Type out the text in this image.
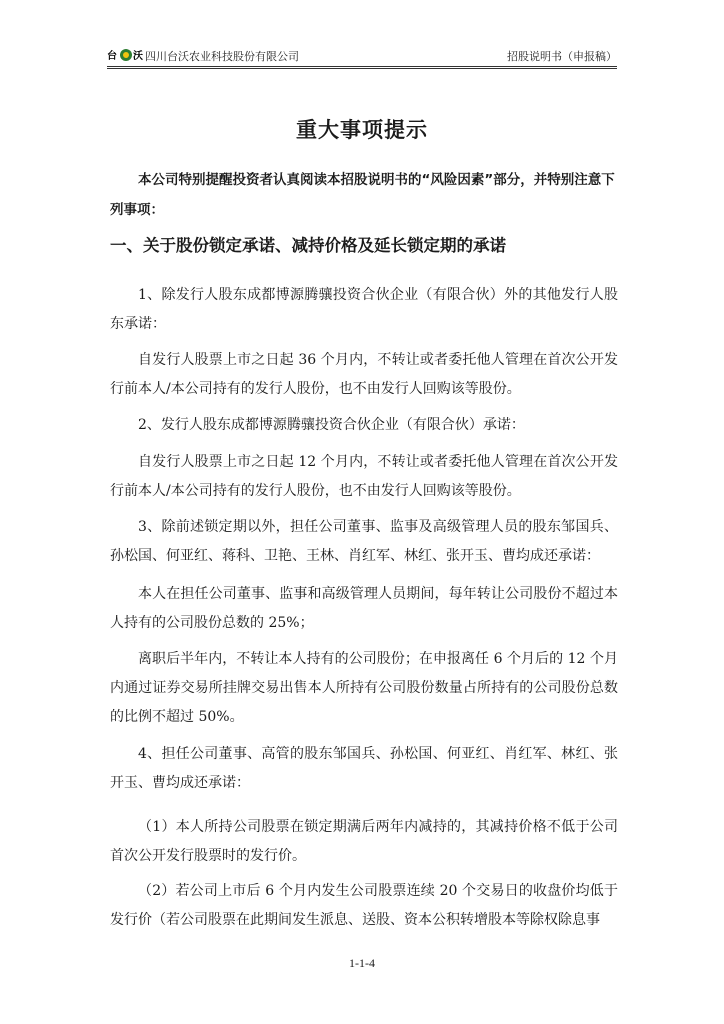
台 沃 四川台沃农业科技股份有限公司	招股说明书（申报稿）
重大事项提示
本公司特别提醒投资者认真阅读本招股说明书的“风险因素”部分，并特别注意下列事项：
一、关于股份锁定承诺、减持价格及延长锁定期的承诺
1、除发行人股东成都博源腾骧投资合伙企业（有限合伙）外的其他发行人股东承诺：
自发行人股票上市之日起 36 个月内，不转让或者委托他人管理在首次公开发行前本人/本公司持有的发行人股份，也不由发行人回购该等股份。
2、发行人股东成都博源腾骧投资合伙企业（有限合伙）承诺：
自发行人股票上市之日起 12 个月内，不转让或者委托他人管理在首次公开发行前本人/本公司持有的发行人股份，也不由发行人回购该等股份。
3、除前述锁定期以外，担任公司董事、监事及高级管理人员的股东邹国兵、孙松国、何亚红、蒋科、卫艳、王林、肖红军、林红、张开玉、曹均成还承诺：
本人在担任公司董事、监事和高级管理人员期间，每年转让公司股份不超过本人持有的公司股份总数的 25%；
离职后半年内，不转让本人持有的公司股份；在申报离任 6 个月后的 12 个月内通过证券交易所挂牌交易出售本人所持有公司股份数量占所持有的公司股份总数的比例不超过 50%。
4、担任公司董事、高管的股东邹国兵、孙松国、何亚红、肖红军、林红、张开玉、曹均成还承诺：
（1）本人所持公司股票在锁定期满后两年内减持的，其减持价格不低于公司首次公开发行股票时的发行价。
（2）若公司上市后 6 个月内发生公司股票连续 20 个交易日的收盘价均低于发行价（若公司股票在此期间发生派息、送股、资本公积转增股本等除权除息事
1-1-4
